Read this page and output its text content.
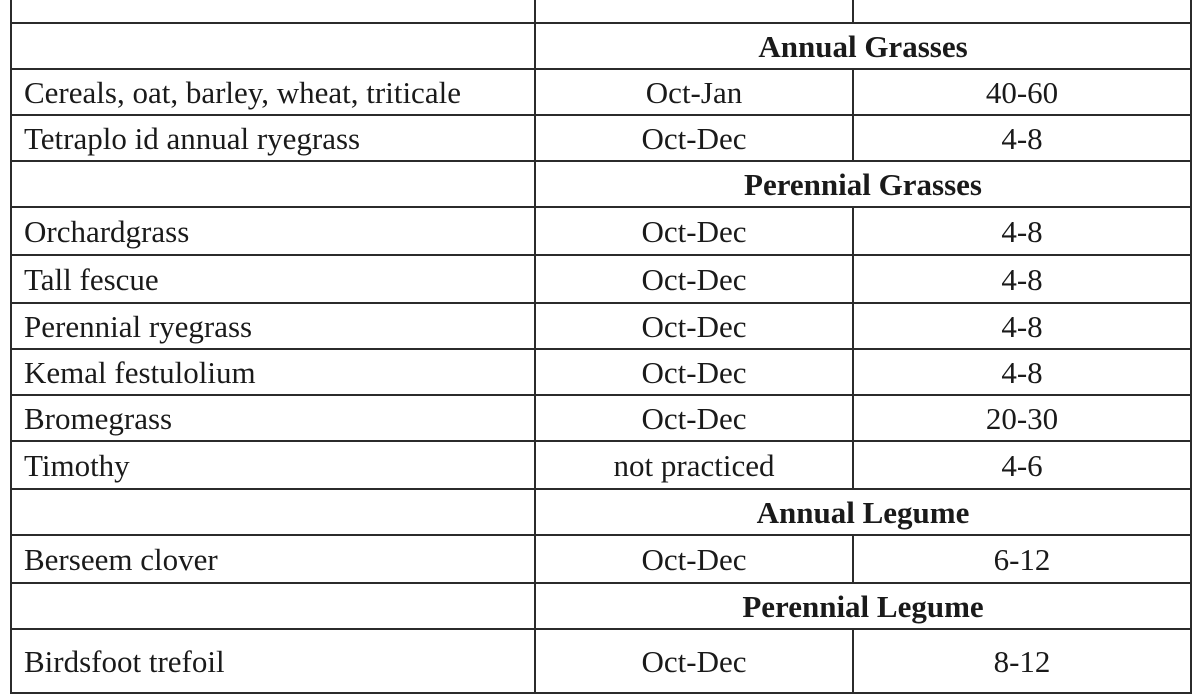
	Annual Grasses	
Cereals, oat, barley, wheat, triticale	Oct-Jan	40-60
Tetraplo id annual ryegrass	Oct-Dec	4-8
	Perennial Grasses	
Orchardgrass	Oct-Dec	4-8
Tall fescue	Oct-Dec	4-8
Perennial ryegrass	Oct-Dec	4-8
Kemal festulolium	Oct-Dec	4-8
Bromegrass	Oct-Dec	20-30
Timothy	not practiced	4-6
	Annual Legume	
Berseem clover	Oct-Dec	6-12
	Perennial Legume	
Birdsfoot trefoil	Oct-Dec	8-12
